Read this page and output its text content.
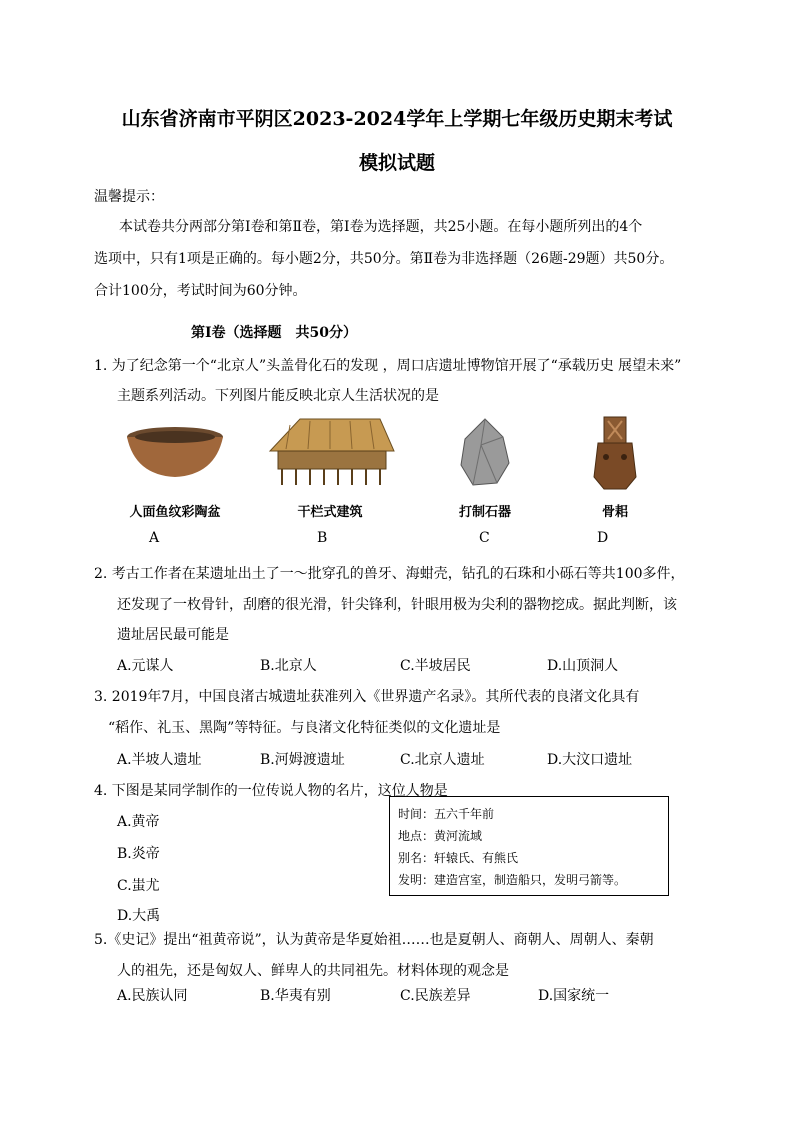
山东省济南市平阴区2023-2024学年上学期七年级历史期末考试
模拟试题
温馨提示：
本试卷共分两部分第Ⅰ卷和第Ⅱ卷，第Ⅰ卷为选择题，共25小题。在每小题所列出的4个
选项中，只有1项是正确的。每小题2分，共50分。第Ⅱ卷为非选择题（26题-29题）共50分。
合计100分，考试时间为60分钟。
第Ⅰ卷（选择题　共50分）
1. 为了纪念第一个“北京人”头盖骨化石的发现 ，周口店遗址博物馆开展了“承载历史 展望未来”
主题系列活动。下列图片能反映北京人生活状况的是
人面鱼纹彩陶盆	干栏式建筑	打制石器	骨耜
A	B	C	D
2. 考古工作者在某遗址出土了一～批穿孔的兽牙、海蚶壳，钻孔的石珠和小砾石等共100多件，
还发现了一枚骨针，刮磨的很光滑，针尖锋利，针眼用极为尖利的器物挖成。据此判断，该
遗址居民最可能是
A.元谋人	B.北京人	C.半坡居民	D.山顶洞人
3. 2019年7月，中国良渚古城遗址获准列入《世界遗产名录》。其所代表的良渚文化具有
“稻作、礼玉、黑陶”等特征。与良渚文化特征类似的文化遗址是
A.半坡人遗址	B.河姆渡遗址	C.北京人遗址	D.大汶口遗址
4. 下图是某同学制作的一位传说人物的名片，这位人物是
A.黄帝
B.炎帝
C.蚩尤
D.大禹
时间：五六千年前
地点：黄河流域
别名：轩辕氏、有熊氏
发明：建造宫室，制造船只，发明弓箭等。
5.《史记》提出“祖黄帝说”，认为黄帝是华夏始祖……也是夏朝人、商朝人、周朝人、秦朝
人的祖先，还是匈奴人、鲜卑人的共同祖先。材料体现的观念是
A.民族认同	B.华夷有别	C.民族差异	D.国家统一
